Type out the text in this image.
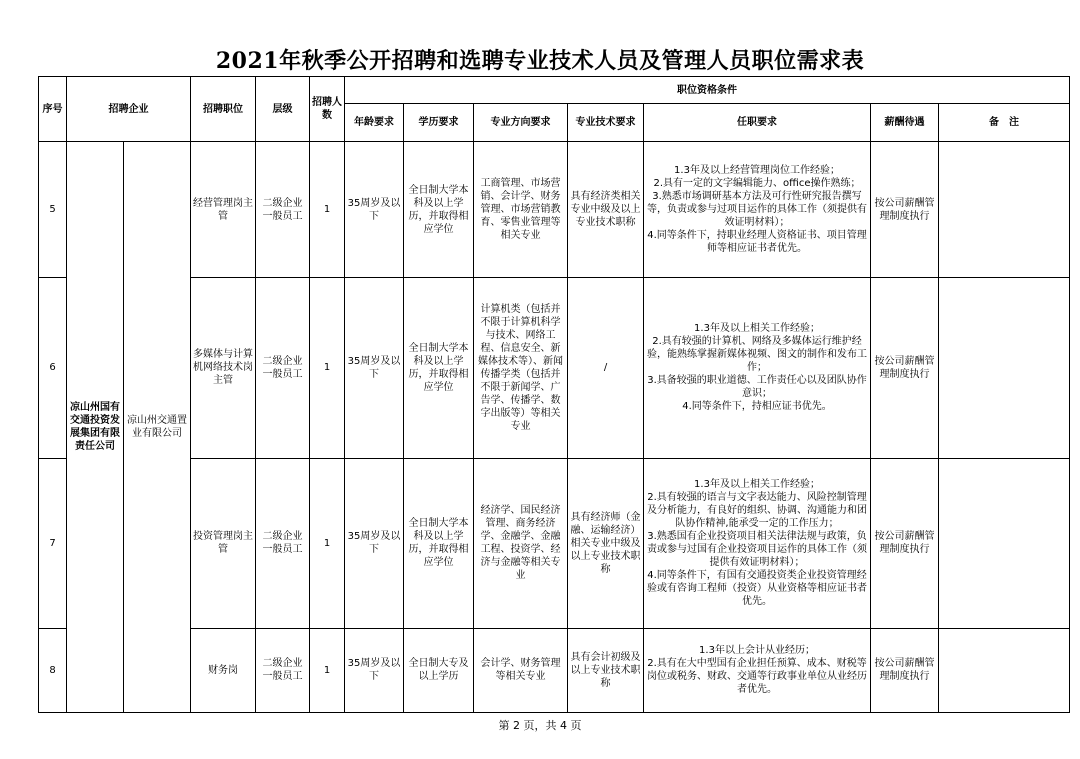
2021年秋季公开招聘和选聘专业技术人员及管理人员职位需求表
序号	招聘企业		招聘职位	层级	招聘人数	职位资格条件						
						年龄要求	学历要求	专业方向要求	专业技术要求	任职要求	薪酬待遇	备　注
5	凉山州国有交通投资发展集团有限责任公司	凉山州交通置业有限公司	经营管理岗主管	二级企业一般员工	1	35周岁及以下	全日制大学本科及以上学历，并取得相应学位	工商管理、市场营销、会计学、财务管理、市场营销教育、零售业管理等相关专业	具有经济类相关专业中级及以上专业技术职称	1.3年及以上经营管理岗位工作经验；
2.具有一定的文字编辑能力、office操作熟练；
3.熟悉市场调研基本方法及可行性研究报告撰写等，负责或参与过项目运作的具体工作（须提供有效证明材料）；
4.同等条件下，持职业经理人资格证书、项目管理师等相应证书者优先。	按公司薪酬管理制度执行	
6			多媒体与计算机网络技术岗主管	二级企业一般员工	1	35周岁及以下	全日制大学本科及以上学历，并取得相应学位	计算机类（包括并不限于计算机科学与技术、网络工程、信息安全、新媒体技术等）、新闻传播学类（包括并不限于新闻学、广告学、传播学、数字出版等）等相关专业	/	1.3年及以上相关工作经验；
2.具有较强的计算机、网络及多媒体运行维护经验，能熟练掌握新媒体视频、图文的制作和发布工作；
3.具备较强的职业道德、工作责任心以及团队协作意识；
4.同等条件下，持相应证书优先。	按公司薪酬管理制度执行	
7			投资管理岗主管	二级企业一般员工	1	35周岁及以下	全日制大学本科及以上学历，并取得相应学位	经济学、国民经济管理、商务经济学、金融学、金融工程、投资学、经济与金融等相关专业	具有经济师（金融、运输经济）相关专业中级及以上专业技术职称	1.3年及以上相关工作经验；
2.具有较强的语言与文字表达能力、风险控制管理及分析能力，有良好的组织、协调、沟通能力和团队协作精神,能承受一定的工作压力；
3.熟悉国有企业投资项目相关法律法规与政策，负责或参与过国有企业投资项目运作的具体工作（须提供有效证明材料）；
4.同等条件下，有国有交通投资类企业投资管理经验或有咨询工程师（投资）从业资格等相应证书者优先。	按公司薪酬管理制度执行	
8			财务岗	二级企业一般员工	1	35周岁及以下	全日制大专及以上学历	会计学、财务管理等相关专业	具有会计初级及以上专业技术职称	1.3年以上会计从业经历；
2.具有在大中型国有企业担任预算、成本、财税等岗位或税务、财政、交通等行政事业单位从业经历者优先。	按公司薪酬管理制度执行	
第 2 页，共 4 页
